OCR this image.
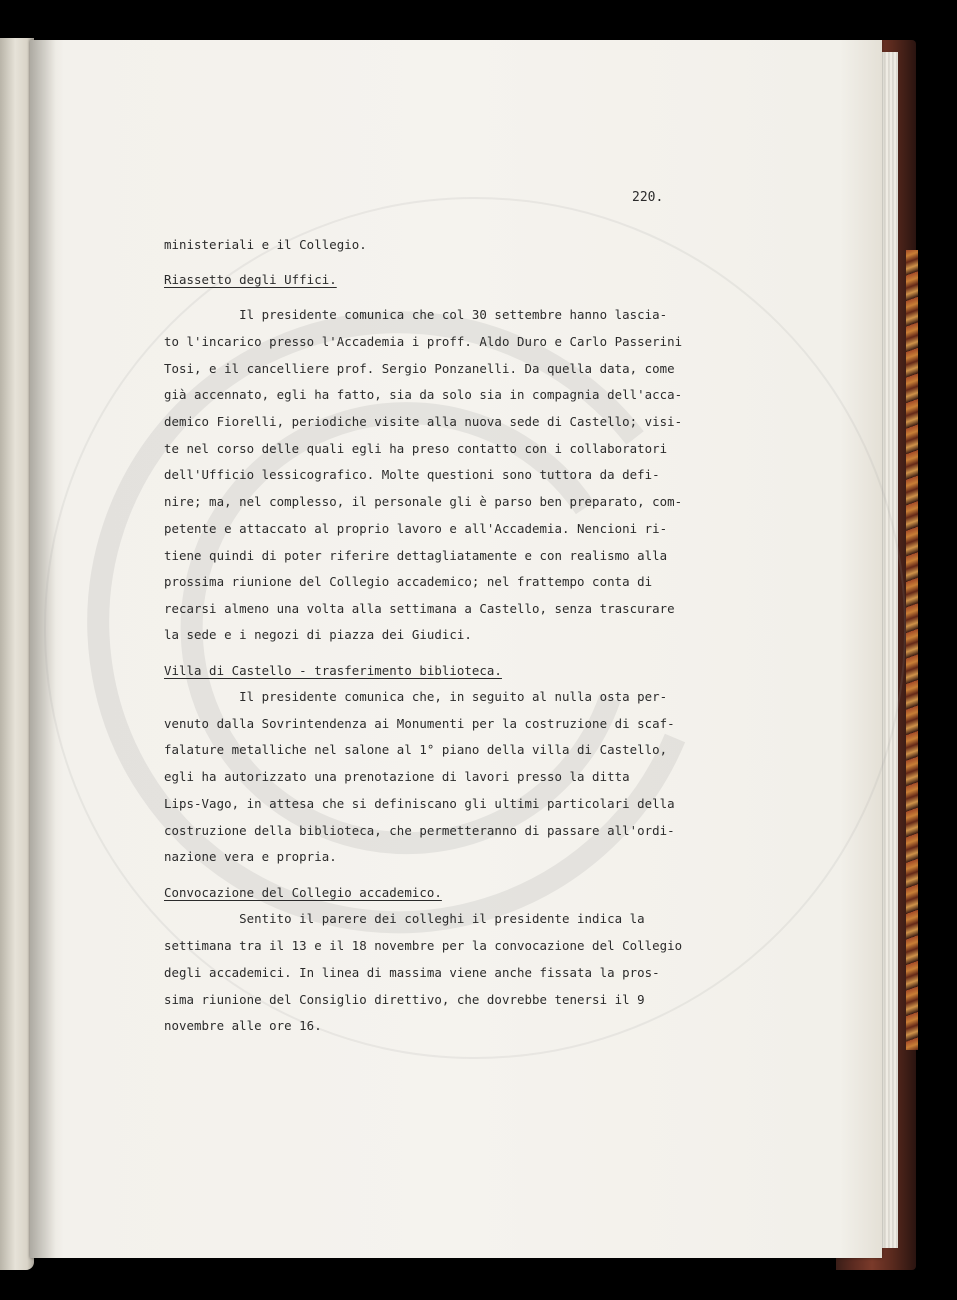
220.
ministeriali e il Collegio.
Riassetto degli Uffici.
Il presidente comunica che col 30 settembre hanno lascia-
to l'incarico presso l'Accademia i proff. Aldo Duro e Carlo Passerini
Tosi, e il cancelliere prof. Sergio Ponzanelli. Da quella data, come
già accennato, egli ha fatto, sia da solo sia in compagnia dell'acca-
demico Fiorelli, periodiche visite alla nuova sede di Castello; visi-
te nel corso delle quali egli ha preso contatto con i collaboratori
dell'Ufficio lessicografico. Molte questioni sono tuttora da defi-
nire; ma, nel complesso, il personale gli è parso ben preparato, com-
petente e attaccato al proprio lavoro e all'Accademia. Nencioni ri-
tiene quindi di poter riferire dettagliatamente e con realismo alla
prossima riunione del Collegio accademico; nel frattempo conta di
recarsi almeno una volta alla settimana a Castello, senza trascurare
la sede e i negozi di piazza dei Giudici.
Villa di Castello - trasferimento biblioteca.
Il presidente comunica che, in seguito al nulla osta per-
venuto dalla Sovrintendenza ai Monumenti per la costruzione di scaf-
falature metalliche nel salone al 1° piano della villa di Castello,
egli ha autorizzato una prenotazione di lavori presso la ditta
Lips-Vago, in attesa che si definiscano gli ultimi particolari della
costruzione della biblioteca, che permetteranno di passare all'ordi-
nazione vera e propria.
Convocazione del Collegio accademico.
Sentito il parere dei colleghi il presidente indica la
settimana tra il 13 e il 18 novembre per la convocazione del Collegio
degli accademici. In linea di massima viene anche fissata la pros-
sima riunione del Consiglio direttivo, che dovrebbe tenersi il 9
novembre alle ore 16.
